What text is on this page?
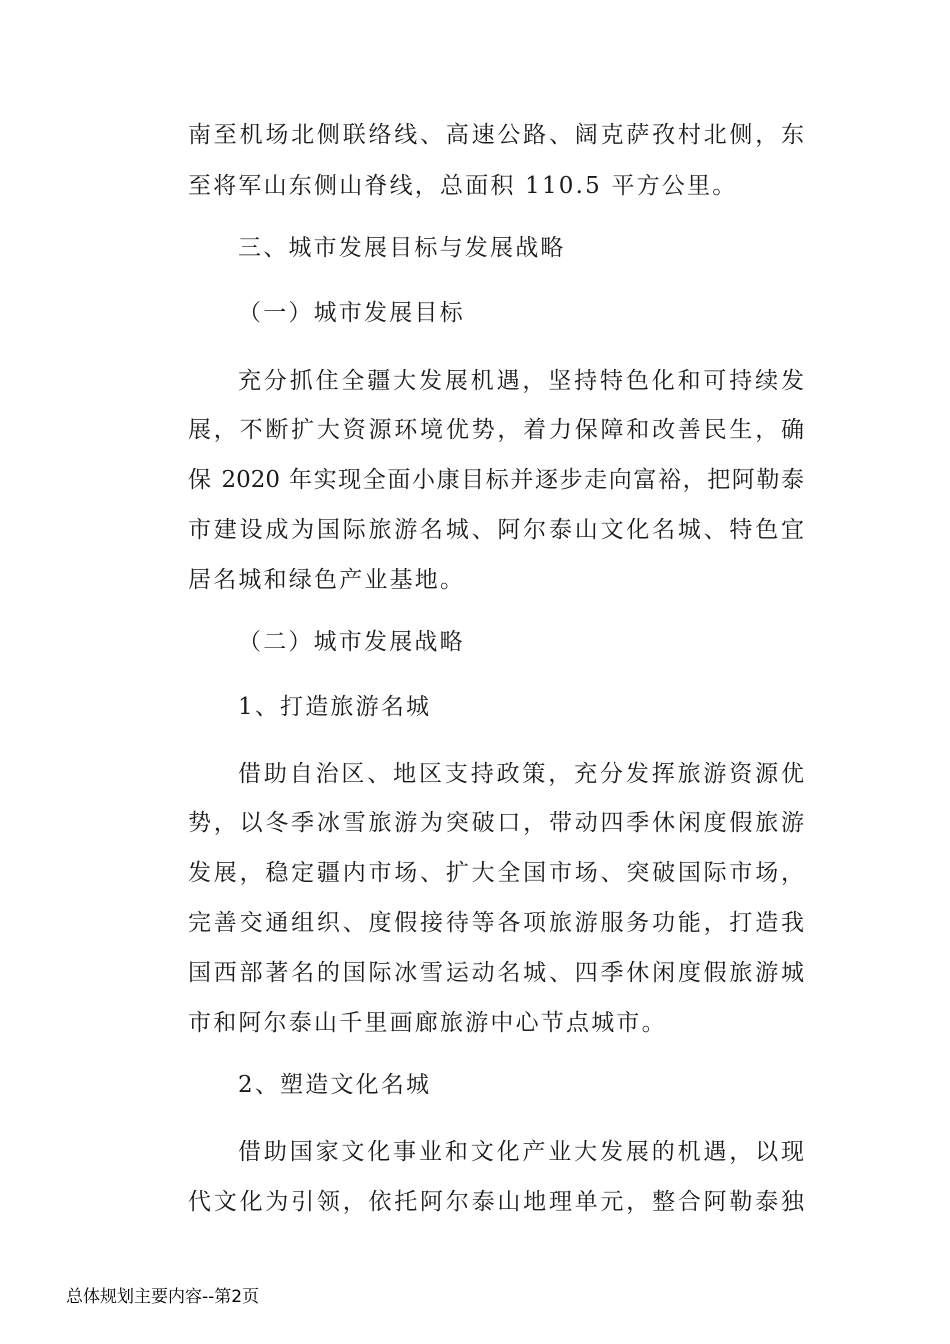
南至机场北侧联络线、高速公路、阔克萨孜村北侧，东
至将军山东侧山脊线，总面积 110.5 平方公里。
三、城市发展目标与发展战略
（一）城市发展目标
充分抓住全疆大发展机遇，坚持特色化和可持续发
展，不断扩大资源环境优势，着力保障和改善民生，确
保 2020 年实现全面小康目标并逐步走向富裕，把阿勒泰
市建设成为国际旅游名城、阿尔泰山文化名城、特色宜
居名城和绿色产业基地。
（二）城市发展战略
1、打造旅游名城
借助自治区、地区支持政策，充分发挥旅游资源优
势，以冬季冰雪旅游为突破口，带动四季休闲度假旅游
发展，稳定疆内市场、扩大全国市场、突破国际市场，
完善交通组织、度假接待等各项旅游服务功能，打造我
国西部著名的国际冰雪运动名城、四季休闲度假旅游城
市和阿尔泰山千里画廊旅游中心节点城市。
2、塑造文化名城
借助国家文化事业和文化产业大发展的机遇，以现
代文化为引领，依托阿尔泰山地理单元，整合阿勒泰独
总体规划主要内容--第2页
